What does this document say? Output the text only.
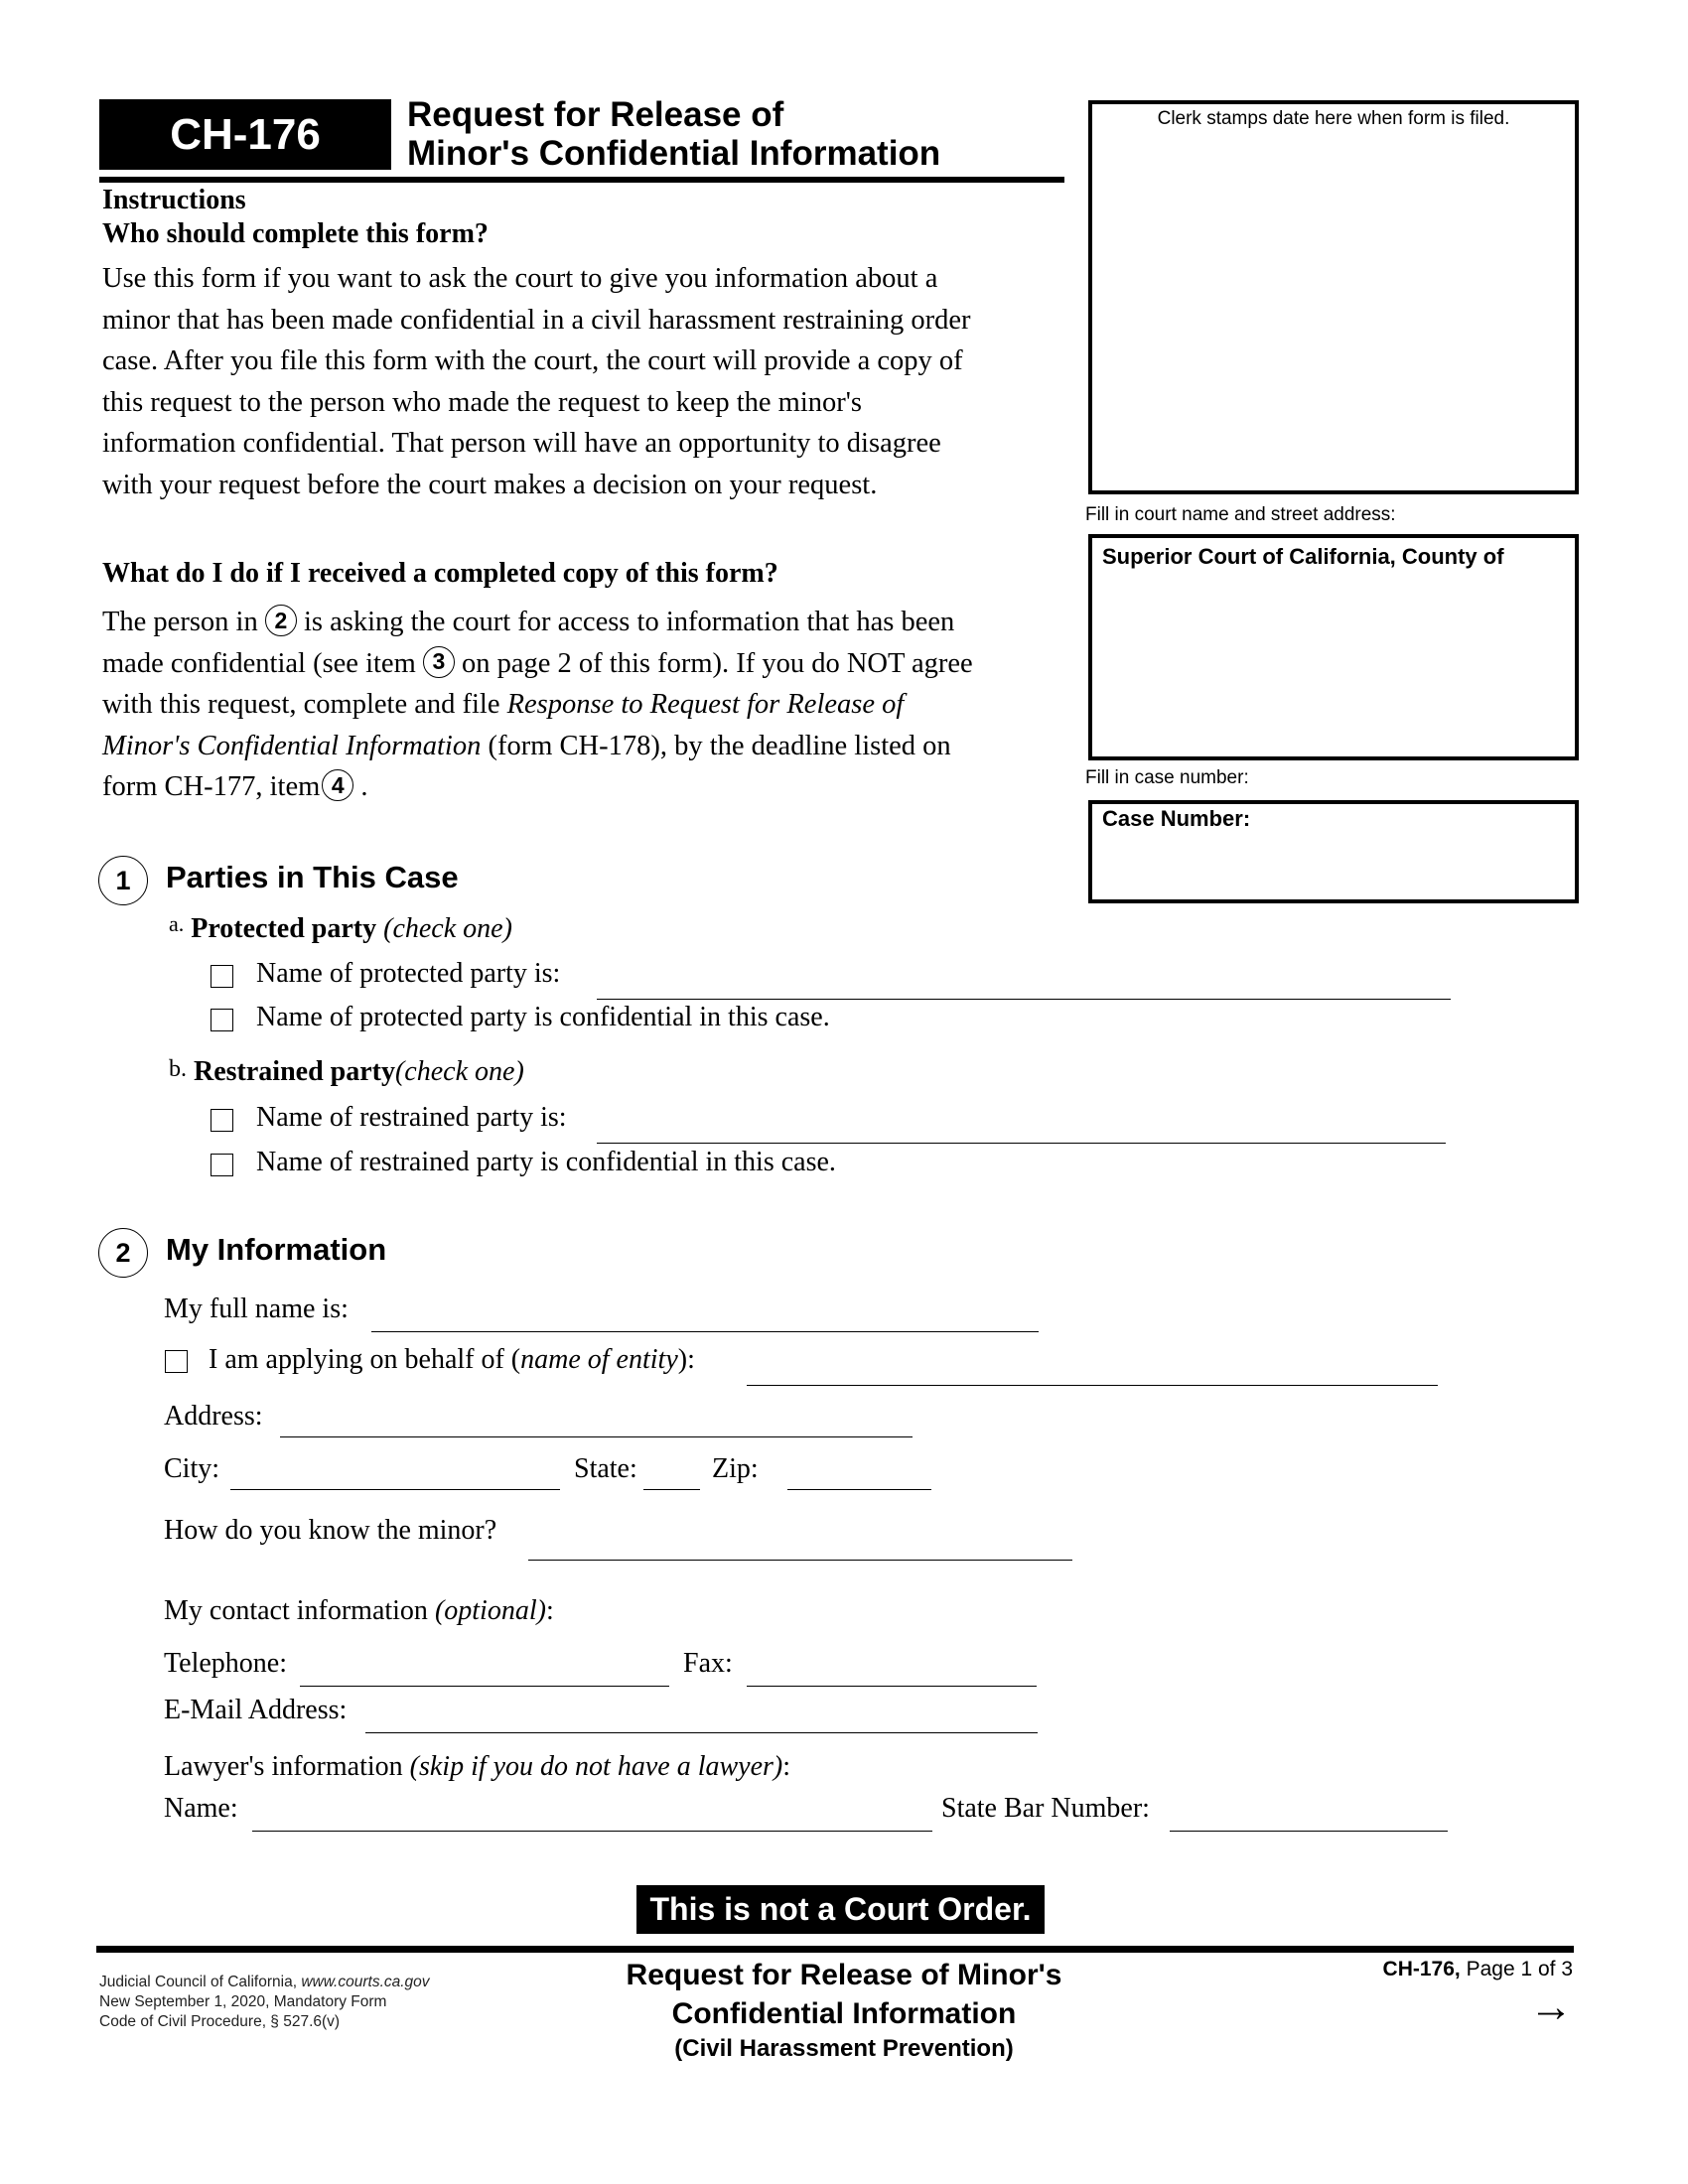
CH-176 Request for Release of
Minor's Confidential Information
Clerk stamps date here when form is filed.
Fill in court name and street address:
Superior Court of California, County of
Fill in case number:
Case Number:
Instructions
Who should complete this form?
Use this form if you want to ask the court to give you information about a
minor that has been made confidential in a civil harassment restraining order
case. After you file this form with the court, the court will provide a copy of
this request to the person who made the request to keep the minor's
information confidential. That person will have an opportunity to disagree
with your request before the court makes a decision on your request.
What do I do if I received a completed copy of this form?
The person in 2 is asking the court for access to information that has been
made confidential (see item 3 on page 2 of this form). If you do NOT agree
with this request, complete and file Response to Request for Release of
Minor's Confidential Information (form CH-178), by the deadline listed on
form CH-177, item 4 .
1 Parties in This Case
$^{a.}$ Protected party (check one)
Name of protected party is:
Name of protected party is confidential in this case.
b. Restrained party(check one)
Name of restrained party is:
Name of restrained party is confidential in this case.
2 My Information
My full name is:
I am applying on behalf of (name of entity):
Address:
City:	State:	Zip:
How do you know the minor?
My contact information (optional):
Telephone:	Fax:
E-Mail Address:
Lawyer's information (skip if you do not have a lawyer):
Name:	State Bar Number:
This is not a Court Order.
Judicial Council of California, www.courts.ca.gov
New September 1, 2020, Mandatory Form
Code of Civil Procedure, § 527.6(v)
Request for Release of Minor's
Confidential Information
(Civil Harassment Prevention)
CH-176, Page 1 of 3
→
